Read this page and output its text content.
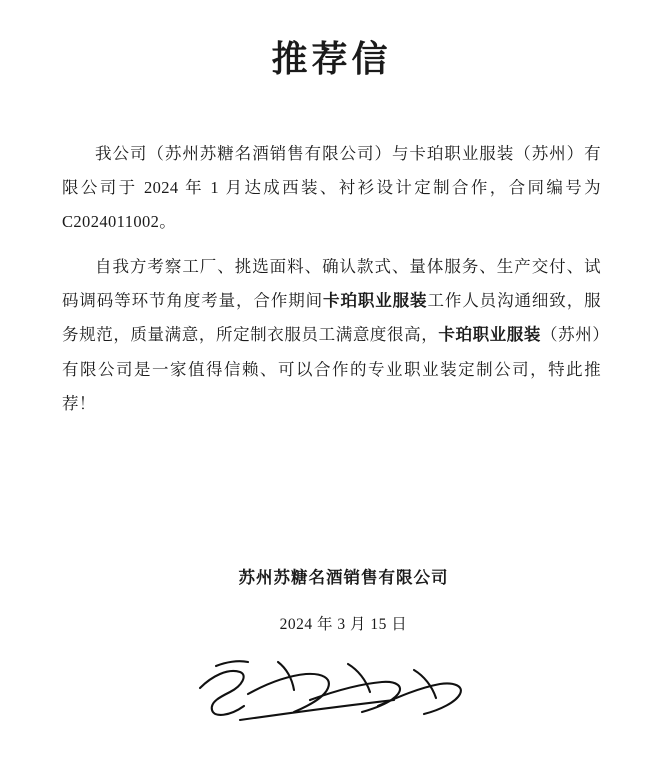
推荐信

我公司（苏州苏糖名酒销售有限公司）与卡珀职业服装（苏州）有限公司于 2024 年 1 月达成西装、衬衫设计定制合作，合同编号为 C2024011002。

自我方考察工厂、挑选面料、确认款式、量体服务、生产交付、试码调码等环节角度考量，合作期间卡珀职业服装工作人员沟通细致，服务规范，质量满意，所定制衣服员工满意度很高，卡珀职业服装（苏州）有限公司是一家值得信赖、可以合作的专业职业装定制公司，特此推荐！

苏州苏糖名酒销售有限公司
2024 年 3 月 15 日
